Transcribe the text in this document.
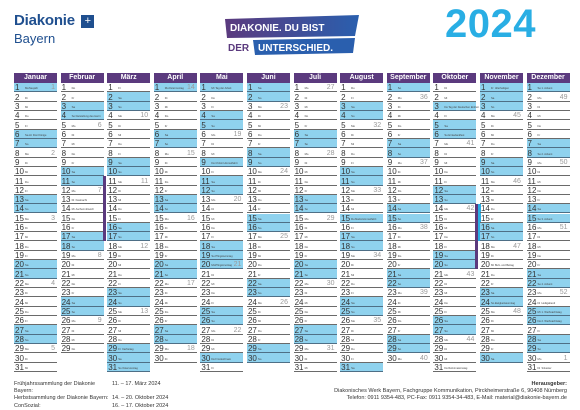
Diakonie +
Bayern
DIAKONIE. DU BIST
DER UNTERSCHIED.
2024
Januar
1 Mo Neujahr 1
2 Di
3 Mi
4 Do
5 Fr
6 Sa Hl. Drei Könige
7 So
8 Mo	2
9 Di
10 Mi
11 Do
12 Fr
13 Sa
14 So
15 Mo	3
16 Di
17 Mi
18 Do
19 Fr
20 Sa
21 So
22 Mo	4
23 Di
24 Mi
25 Do
26 Fr
27 Sa
28 So
29 Mo	5
30 Di
31 Mi
Februar
1 Do
2 Fr
3 Sa
4 So Darstellung des Herrn
5 Mo	6
6 Di
7 Mi
8 Do
9 Fr
10 Sa
11 So
12 Mo	7
13 Di Fastnacht
14 Mi Aschermittwoch
15 Do
16 Fr
17 Sa
18 So
19 Mo	8
20 Di
21 Mi
22 Do
23 Fr
24 Sa
25 So
26 Mo	9
27 Di
28 Mi
29 Do
März
1 Fr
2 Sa
3 So
4 Mo	10
5 Di
6 Mi
7 Do
8 Fr
9 Sa
10 So
11 Mo	11
12 Di
13 Mi
14 Do
15 Fr
16 Sa
17 So
18 Mo	12
19 Di
20 Mi
21 Do
22 Fr
23 Sa
24 So
25 Mo	13
26 Di
27 Mi
28 Do
29 Fr Karfreitag
30 Sa
31 So Ostersonntag
April
1 Mo Ostermontag 14
2 Di
3 Mi
4 Do
5 Fr
6 Sa
7 So
8 Mo	15
9 Di
10 Mi
11 Do
12 Fr
13 Sa
14 So
15 Mo	16
16 Di
17 Mi
18 Do
19 Fr
20 Sa
21 So
22 Mo	17
23 Di
24 Mi
25 Do
26 Fr
27 Sa
28 So
29 Mo	18
30 Di
Mai
1 Mi Tag der Arbeit
2 Do
3 Fr
4 Sa
5 So
6 Mo	19
7 Di
8 Mi
9 Do Christi Himmelfahrt
10 Fr
11 Sa
12 So
13 Mo	20
14 Di
15 Mi
16 Do
17 Fr
18 Sa
19 So Pfingstsonntag
20 Mo Pfingstmontag 21
21 Di
22 Mi
23 Do
24 Fr
25 Sa
26 So
27 Mo	22
28 Di
29 Mi
30 Do Fronleichnam
31 Fr
Juni
1 Sa
2 So
3 Mo	23
4 Di
5 Mi
6 Do
7 Fr
8 Sa
9 So
10 Mo	24
11 Di
12 Mi
13 Do
14 Fr
15 Sa
16 So
17 Mo	25
18 Di
19 Mi
20 Do
21 Fr
22 Sa
23 So
24 Mo	26
25 Di
26 Mi
27 Do
28 Fr
29 Sa
30 So
Juli
1 Mo	27
2 Di
3 Mi
4 Do
5 Fr
6 Sa
7 So
8 Mo	28
9 Di
10 Mi
11 Do
12 Fr
13 Sa
14 So
15 Mo	29
16 Di
17 Mi
18 Do
19 Fr
20 Sa
21 So
22 Mo	30
23 Di
24 Mi
25 Do
26 Fr
27 Sa
28 So
29 Mo	31
30 Di
31 Mi
August
1 Do
2 Fr
3 Sa
4 So
5 Mo	32
6 Di
7 Mi
8 Do
9 Fr
10 Sa
11 So
12 Mo	33
13 Di
14 Mi
15 Do Mariä Himmelfahrt
16 Fr
17 Sa
18 So
19 Mo	34
20 Di
21 Mi
22 Do
23 Fr
24 Sa
25 So
26 Mo	35
27 Di
28 Mi
29 Do
30 Fr
31 Sa
September
1 So
2 Mo	36
3 Di
4 Mi
5 Do
6 Fr
7 Sa
8 So
9 Mo	37
10 Di
11 Mi
12 Do
13 Fr
14 Sa
15 So
16 Mo	38
17 Di
18 Mi
19 Do
20 Fr
21 Sa
22 So
23 Mo	39
24 Di
25 Mi
26 Do
27 Fr
28 Sa
29 So
30 Mo	40
Oktober
1 Di
2 Mi
3 Do Tag der Deutschen Einheit
4 Fr
5 Sa
6 So Erntedankfest
7 Mo	41
8 Di
9 Mi
10 Do
11 Fr
12 Sa
13 So
14 Mo	42
15 Di
16 Mi
17 Do
18 Fr
19 Sa
20 So
21 Mo	43
22 Di
23 Mi
24 Do
25 Fr
26 Sa
27 So
28 Mo	44
29 Di
30 Mi
31 Do Reformationstag
November
1 Fr Allerheiligen
2 Sa
3 So
4 Mo	45
5 Di
6 Mi
7 Do
8 Fr
9 Sa
10 So
11 Mo	46
12 Di
13 Mi
14 Do
15 Fr
16 Sa
17 So
18 Mo	47
19 Di
20 Mi Buß- und Bettag
21 Do
22 Fr
23 Sa
24 So Ewigkeitssonntag
25 Mo	48
26 Di
27 Mi
28 Do
29 Fr
30 Sa
Dezember
1 So 1. Advent
2 Mo	49
3 Di
4 Mi
5 Do
6 Fr
7 Sa
8 So 2. Advent
9 Mo	50
10 Di
11 Mi
12 Do
13 Fr
14 Sa
15 So 3. Advent
16 Mo	51
17 Di
18 Mi
19 Do
20 Fr
21 Sa
22 So 4. Advent
23 Mo	52
24 Di Heiligabend
25 Mi 1. Weihnachtstag
26 Do 2. Weihnachtstag
27 Fr
28 Sa
29 So
30 Mo	1
31 Di Silvester
Frühjahrssammlung der Diakonie Bayern:
11. – 17. März 2024
Herbstsammlung der Diakonie Bayern: 14. – 20. Oktober 2024
ConSozial:	16. – 17. Oktober 2024
Herausgeber:
Diakonisches Werk Bayern, Fachgruppe Kommunikation, Pirckheimerstraße 6, 90408 Nürnberg
Telefon: 0911 9354-483, PC-Fax: 0911 9354-34-483, E-Mail: material@diakonie-bayern.de
